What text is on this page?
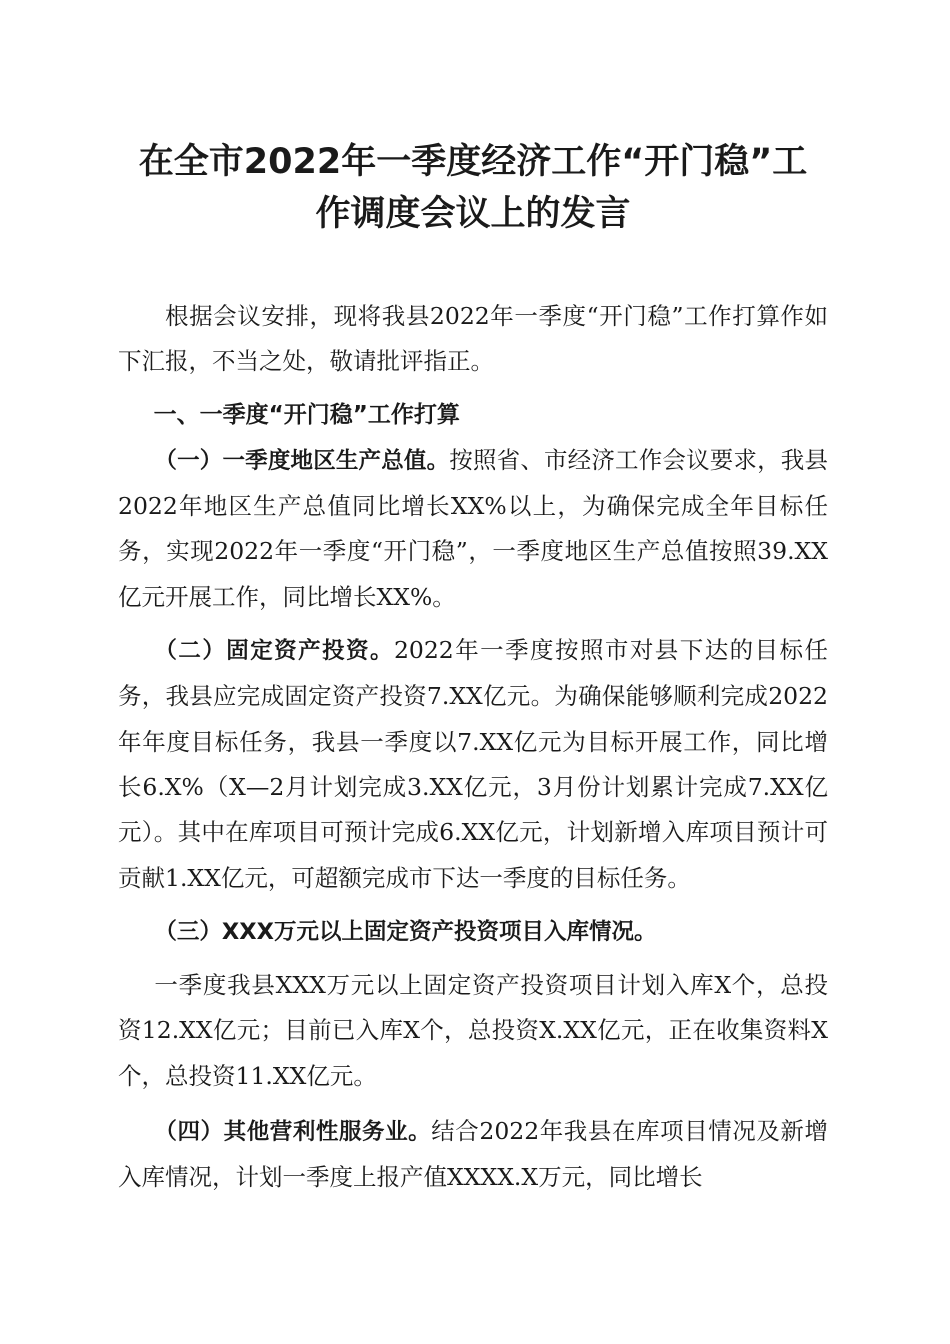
在全市2022年一季度经济工作“开门稳”工
作调度会议上的发言

根据会议安排，现将我县2022年一季度“开门稳”工作打算作如下汇报，不当之处，敬请批评指正。

一、一季度“开门稳”工作打算

（一）一季度地区生产总值。按照省、市经济工作会议要求，我县2022年地区生产总值同比增长XX%以上，为确保完成全年目标任务，实现2022年一季度“开门稳”，一季度地区生产总值按照39.XX亿元开展工作，同比增长XX%。

（二）固定资产投资。2022年一季度按照市对县下达的目标任务，我县应完成固定资产投资7.XX亿元。为确保能够顺利完成2022年年度目标任务，我县一季度以7.XX亿元为目标开展工作，同比增长6.X%（X—2月计划完成3.XX亿元，3月份计划累计完成7.XX亿元）。其中在库项目可预计完成6.XX亿元，计划新增入库项目预计可贡献1.XX亿元，可超额完成市下达一季度的目标任务。

（三）XXX万元以上固定资产投资项目入库情况。

一季度我县XXX万元以上固定资产投资项目计划入库X个，总投资12.XX亿元；目前已入库X个，总投资X.XX亿元，正在收集资料X个，总投资11.XX亿元。

（四）其他营利性服务业。结合2022年我县在库项目情况及新增入库情况，计划一季度上报产值XXXX.X万元，同比增长
